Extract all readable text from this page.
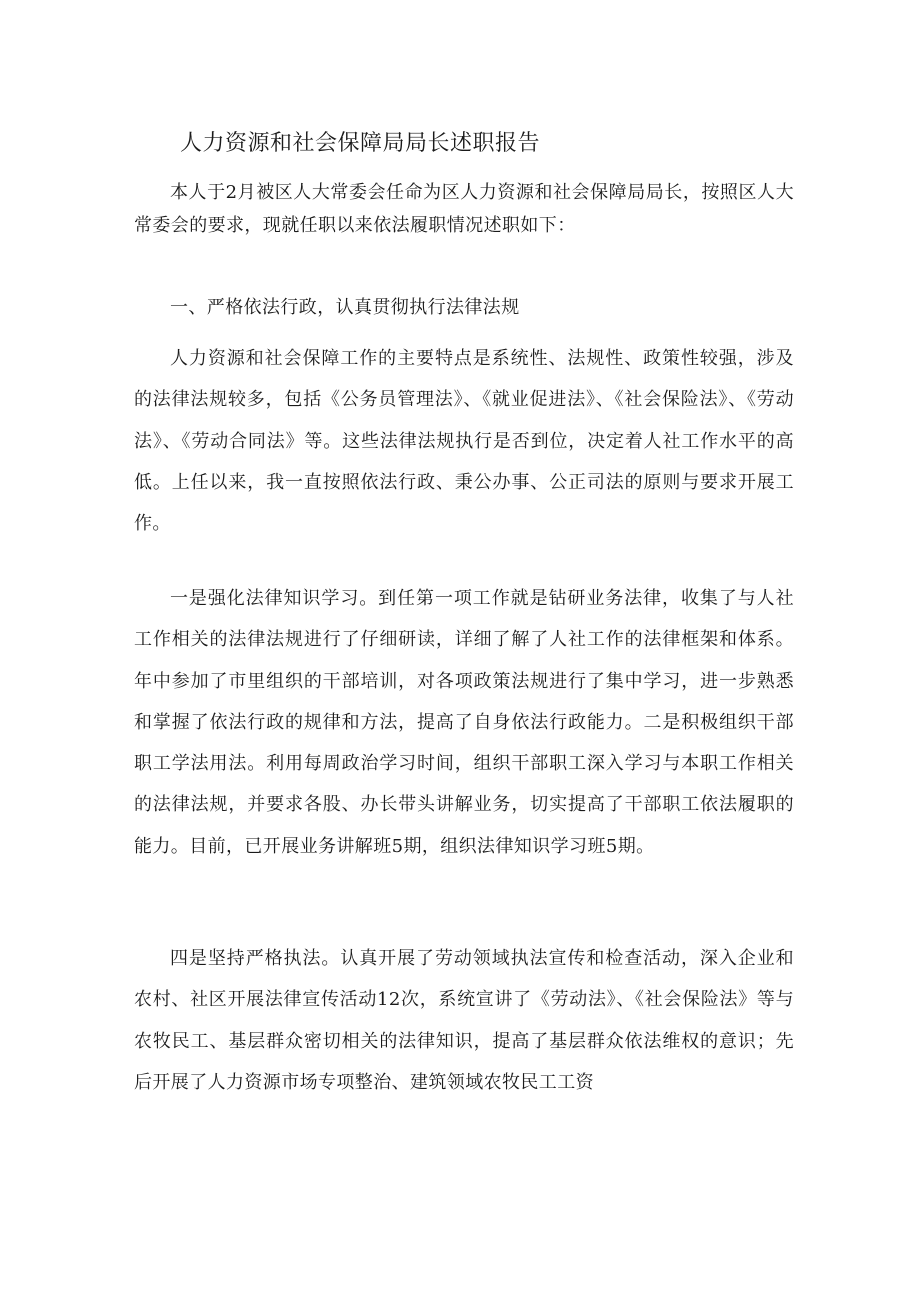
人力资源和社会保障局局长述职报告
本人于2月被区人大常委会任命为区人力资源和社会保障局局长，按照区人大常委会的要求，现就任职以来依法履职情况述职如下：
一、严格依法行政，认真贯彻执行法律法规
人力资源和社会保障工作的主要特点是系统性、法规性、政策性较强，涉及的法律法规较多，包括《公务员管理法》、《就业促进法》、《社会保险法》、《劳动法》、《劳动合同法》等。这些法律法规执行是否到位，决定着人社工作水平的高低。上任以来，我一直按照依法行政、秉公办事、公正司法的原则与要求开展工作。
一是强化法律知识学习。到任第一项工作就是钻研业务法律，收集了与人社工作相关的法律法规进行了仔细研读，详细了解了人社工作的法律框架和体系。年中参加了市里组织的干部培训，对各项政策法规进行了集中学习，进一步熟悉和掌握了依法行政的规律和方法，提高了自身依法行政能力。二是积极组织干部职工学法用法。利用每周政治学习时间，组织干部职工深入学习与本职工作相关的法律法规，并要求各股、办长带头讲解业务，切实提高了干部职工依法履职的能力。目前，已开展业务讲解班5期，组织法律知识学习班5期。
四是坚持严格执法。认真开展了劳动领域执法宣传和检查活动，深入企业和农村、社区开展法律宣传活动12次，系统宣讲了《劳动法》、《社会保险法》等与农牧民工、基层群众密切相关的法律知识，提高了基层群众依法维权的意识；先后开展了人力资源市场专项整治、建筑领域农牧民工工资
